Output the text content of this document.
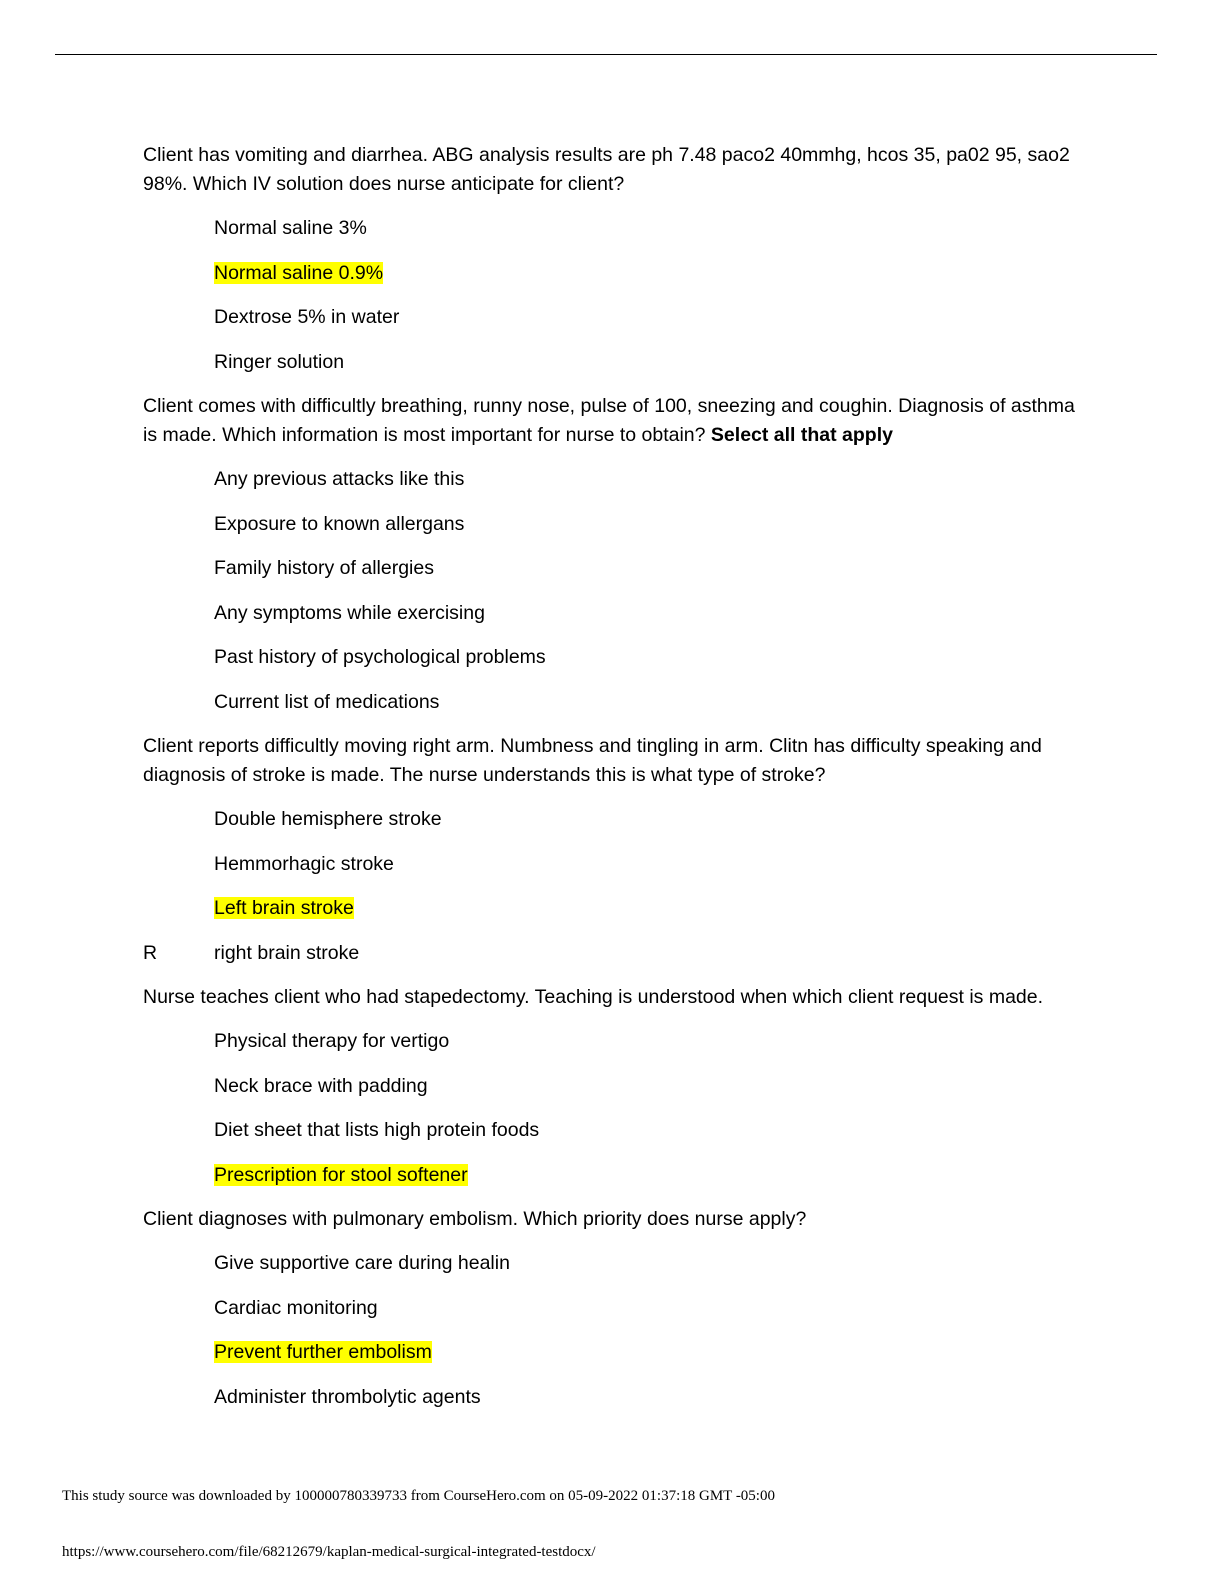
Client has vomiting and diarrhea. ABG analysis results are ph 7.48 paco2 40mmhg, hcos 35, pa02 95, sao2 98%. Which IV solution does nurse anticipate for client?
Normal saline 3%
Normal saline 0.9%
Dextrose 5% in water
Ringer solution
Client comes with difficultly breathing, runny nose, pulse of 100, sneezing and coughin. Diagnosis of asthma is made. Which information is most important for nurse to obtain? Select all that apply
Any previous attacks like this
Exposure to known allergans
Family history of allergies
Any symptoms while exercising
Past history of psychological problems
Current list of medications
Client reports difficultly moving right arm. Numbness and tingling in arm. Clitn has difficulty speaking and diagnosis of stroke is made. The nurse understands this is what type of stroke?
Double hemisphere stroke
Hemmorhagic stroke
Left brain stroke
R	right brain stroke
Nurse teaches client who had stapedectomy. Teaching is understood when which client request is made.
Physical therapy for vertigo
Neck brace with padding
Diet sheet that lists high protein foods
Prescription for stool softener
Client diagnoses with pulmonary embolism. Which priority does nurse apply?
Give supportive care during healin
Cardiac monitoring
Prevent further embolism
Administer thrombolytic agents
This study source was downloaded by 100000780339733 from CourseHero.com on 05-09-2022 01:37:18 GMT -05:00
https://www.coursehero.com/file/68212679/kaplan-medical-surgical-integrated-testdocx/
